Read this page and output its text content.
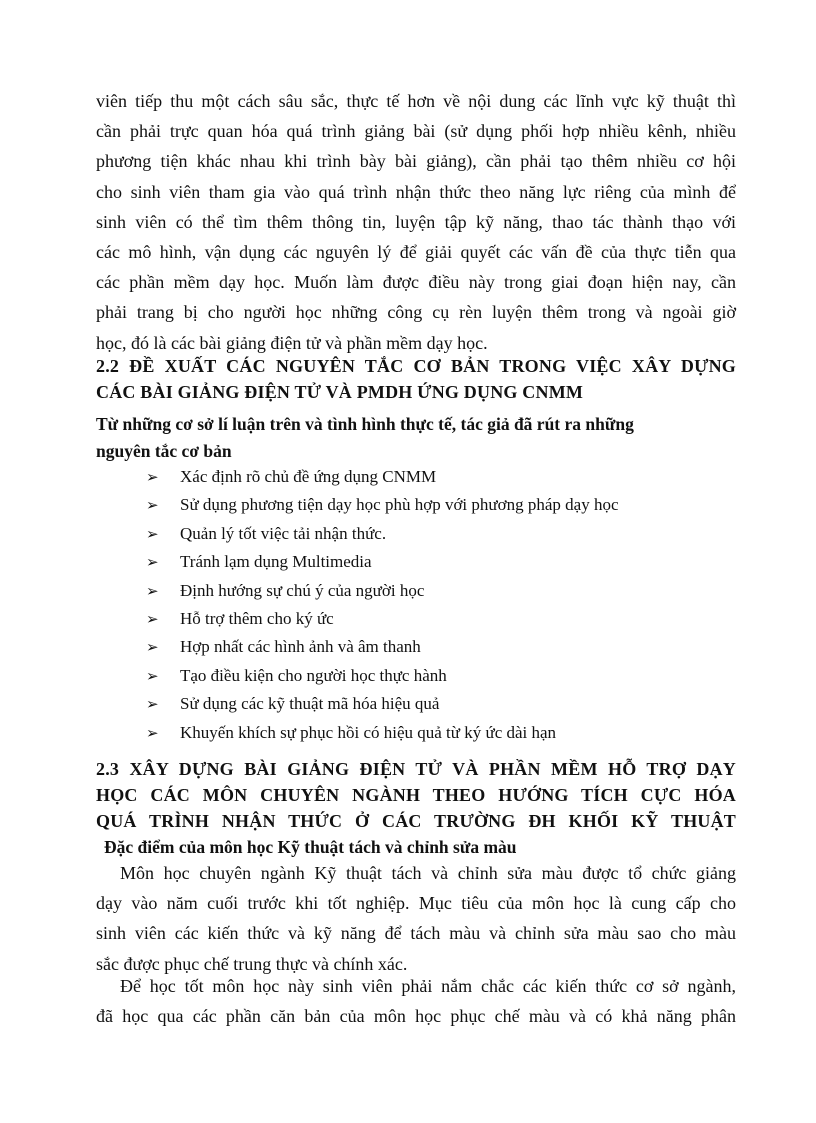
viên tiếp thu một cách sâu sắc, thực tế hơn về nội dung các lĩnh vực kỹ thuật thì
cần phải trực quan hóa quá trình giảng bài (sử dụng phối hợp nhiều kênh, nhiều
phương tiện khác nhau khi trình bày bài giảng), cần phải tạo thêm nhiều cơ hội
cho sinh viên tham gia vào quá trình nhận thức theo năng lực riêng của mình để
sinh viên có thể tìm thêm thông tin, luyện tập kỹ năng, thao tác thành thạo với
các mô hình, vận dụng các nguyên lý để giải quyết các vấn đề của thực tiễn qua
các phần mềm dạy học. Muốn làm được điều này trong giai đoạn hiện nay, cần
phải trang bị cho người học những công cụ rèn luyện thêm trong và ngoài giờ
học, đó là các bài giảng điện tử và phần mềm dạy học.
2.2 ĐỀ XUẤT CÁC NGUYÊN TẮC CƠ BẢN TRONG VIỆC XÂY DỰNG
CÁC BÀI GIẢNG ĐIỆN TỬ VÀ PMDH ỨNG DỤNG CNMM
Từ những cơ sở lí luận trên và tình hình thực tế, tác giả đã rút ra những
nguyên tắc cơ bản
➢	Xác định rõ chủ đề ứng dụng CNMM
➢	Sử dụng phương tiện dạy học phù hợp với phương pháp dạy học
➢	Quản lý tốt việc tải nhận thức.
➢	Tránh lạm dụng Multimedia
➢	Định hướng sự chú ý của người học
➢	Hỗ trợ thêm cho ký ức
➢	Hợp nhất các hình ảnh và âm thanh
➢	Tạo điều kiện cho người học thực hành
➢	Sử dụng các kỹ thuật mã hóa hiệu quả
➢	Khuyến khích sự phục hồi có hiệu quả từ ký ức dài hạn
2.3 XÂY DỰNG BÀI GIẢNG ĐIỆN TỬ VÀ PHẦN MỀM HỖ TRỢ DẠY
HỌC CÁC MÔN CHUYÊN NGÀNH THEO HƯỚNG TÍCH CỰC HÓA
QUÁ TRÌNH NHẬN THỨC Ở CÁC TRƯỜNG ĐH KHỐI KỸ THUẬT
Đặc điểm của môn học Kỹ thuật tách và chỉnh sửa màu
Môn học chuyên ngành Kỹ thuật tách và chỉnh sửa màu được tổ chức giảng
dạy vào năm cuối trước khi tốt nghiệp. Mục tiêu của môn học là cung cấp cho
sinh viên các kiến thức và kỹ năng để tách màu và chỉnh sửa màu sao cho màu
sắc được phục chế trung thực và chính xác.
Để học tốt môn học này sinh viên phải nắm chắc các kiến thức cơ sở ngành,
đã học qua các phần căn bản của môn học phục chế màu và có khả năng phân
